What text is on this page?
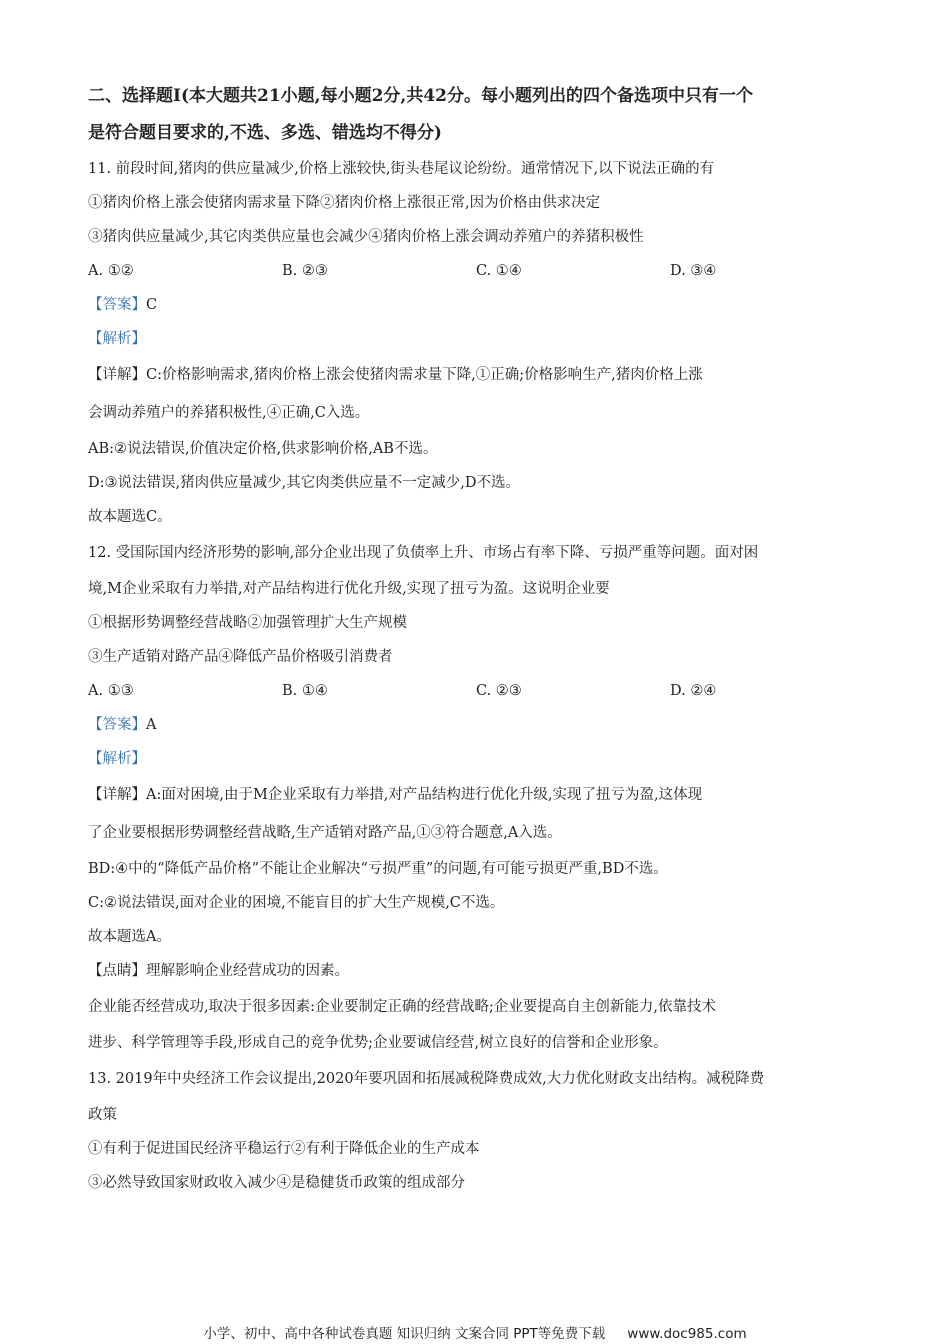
二、选择题Ⅰ(本大题共21小题,每小题2分,共42分。每小题列出的四个备选项中只有一个

是符合题目要求的,不选、多选、错选均不得分)

11. 前段时间,猪肉的供应量减少,价格上涨较快,街头巷尾议论纷纷。通常情况下,以下说法正确的有

①猪肉价格上涨会使猪肉需求量下降②猪肉价格上涨很正常,因为价格由供求决定

③猪肉供应量减少,其它肉类供应量也会减少④猪肉价格上涨会调动养殖户的养猪积极性

A. ①②	B. ②③	C. ①④	D. ③④

【答案】C

【解析】

【详解】C:价格影响需求,猪肉价格上涨会使猪肉需求量下降,①正确;价格影响生产,猪肉价格上涨

会调动养殖户的养猪积极性,④正确,C入选。

AB:②说法错误,价值决定价格,供求影响价格,AB不选。

D:③说法错误,猪肉供应量减少,其它肉类供应量不一定减少,D不选。

故本题选C。

12. 受国际国内经济形势的影响,部分企业出现了负债率上升、市场占有率下降、亏损严重等问题。面对困

境,M企业采取有力举措,对产品结构进行优化升级,实现了扭亏为盈。这说明企业要

①根据形势调整经营战略②加强管理扩大生产规模

③生产适销对路产品④降低产品价格吸引消费者

A. ①③	B. ①④	C. ②③	D. ②④

【答案】A

【解析】

【详解】A:面对困境,由于M企业采取有力举措,对产品结构进行优化升级,实现了扭亏为盈,这体现

了企业要根据形势调整经营战略,生产适销对路产品,①③符合题意,A入选。

BD:④中的“降低产品价格”不能让企业解决“亏损严重”的问题,有可能亏损更严重,BD不选。

C:②说法错误,面对企业的困境,不能盲目的扩大生产规模,C不选。

故本题选A。

【点睛】理解影响企业经营成功的因素。

企业能否经营成功,取决于很多因素:企业要制定正确的经营战略;企业要提高自主创新能力,依靠技术

进步、科学管理等手段,形成自己的竞争优势;企业要诚信经营,树立良好的信誉和企业形象。

13. 2019年中央经济工作会议提出,2020年要巩固和拓展减税降费成效,大力优化财政支出结构。减税降费

政策

①有利于促进国民经济平稳运行②有利于降低企业的生产成本

③必然导致国家财政收入减少④是稳健货币政策的组成部分

小学、初中、高中各种试卷真题 知识归纳 文案合同 PPT等免费下载 www.doc985.com
